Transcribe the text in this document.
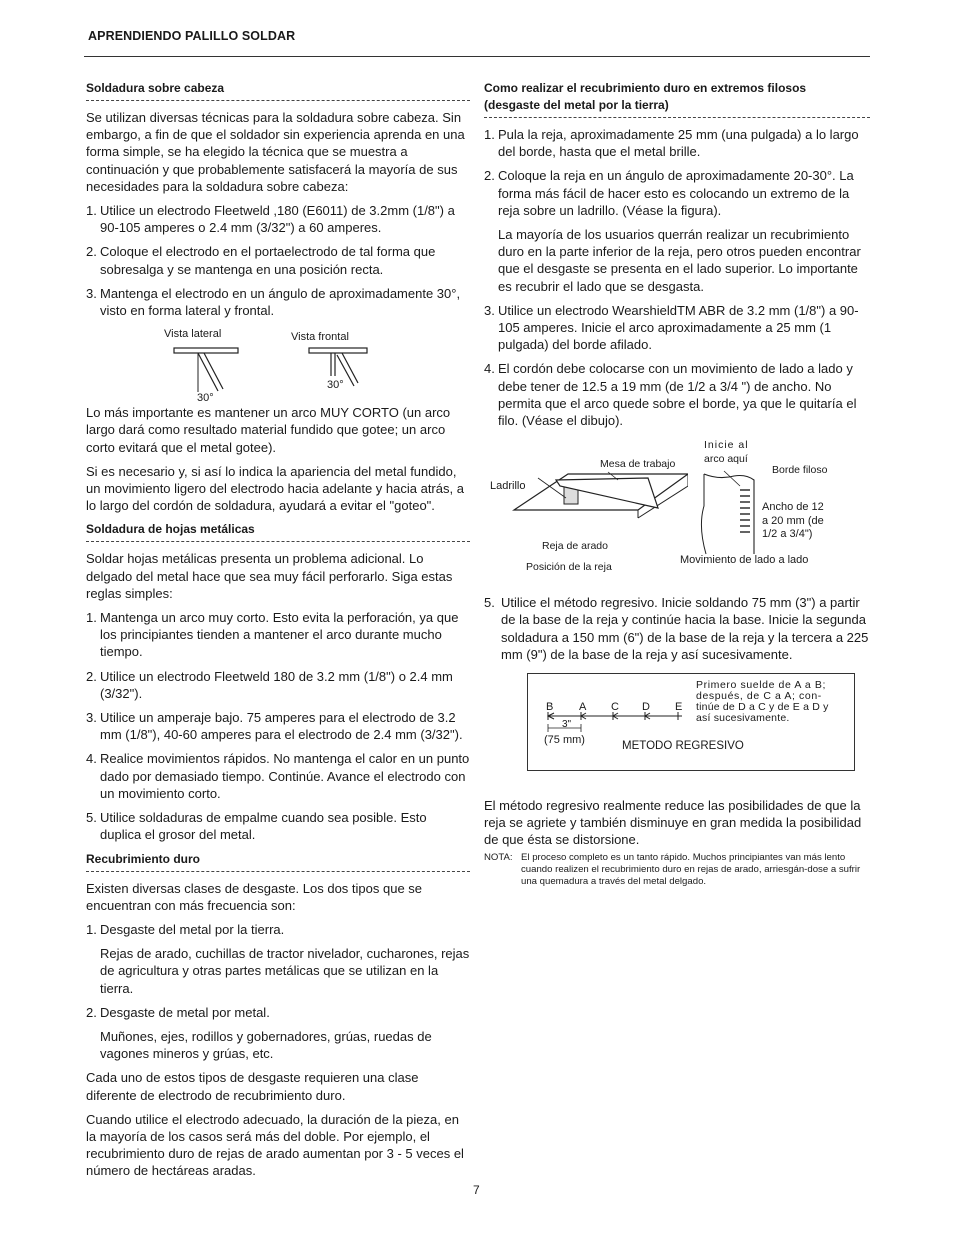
APRENDIENDO PALILLO SOLDAR
Soldadura sobre cabeza

Se utilizan diversas técnicas para la soldadura sobre cabeza. Sin embargo, a fin de que el soldador sin experiencia aprenda en una forma simple, se ha elegido la técnica que se muestra a continuación y que probablemente satisfacerá la mayoría de sus necesidades para la soldadura sobre cabeza:

1. Utilice un electrodo Fleetweld ,180 (E6011) de 3.2mm (1/8") a 90-105 amperes o 2.4 mm (3/32") a 60 amperes.
2. Coloque el electrodo en el portaelectrodo de tal forma que sobresalga y se mantenga en una posición recta.
3. Mantenga el electrodo en un ángulo de aproximadamente 30°, visto en forma lateral y frontal.
Vista lateral	Vista frontal
30°
30°

Lo más importante es mantener un arco MUY CORTO (un arco largo dará como resultado material fundido que gotee; un arco corto evitará que el metal gotee).

Si es necesario y, si así lo indica la apariencia del metal fundido, un movimiento ligero del electrodo hacia adelante y hacia atrás, a lo largo del cordón de soldadura, ayudará a evitar el "goteo".

Soldadura de hojas metálicas

Soldar hojas metálicas presenta un problema adicional. Lo delgado del metal hace que sea muy fácil perforarlo. Siga estas reglas simples:

1. Mantenga un arco muy corto. Esto evita la perforación, ya que los principiantes tienden a mantener el arco durante mucho tiempo.
2. Utilice un electrodo Fleetweld 180 de 3.2 mm (1/8") o 2.4 mm (3/32").
3. Utilice un amperaje bajo. 75 amperes para el electrodo de 3.2 mm (1/8"), 40-60 amperes para el electrodo de 2.4 mm (3/32").
4. Realice movimientos rápidos. No mantenga el calor en un punto dado por demasiado tiempo. Continúe. Avance el electrodo con un movimiento corto.
5. Utilice soldaduras de empalme cuando sea posible. Esto duplica el grosor del metal.
Recubrimiento duro

Existen diversas clases de desgaste. Los dos tipos que se encuentran con más frecuencia son:

1. Desgaste del metal por la tierra.
Rejas de arado, cuchillas de tractor nivelador, cucharones, rejas de agricultura y otras partes metálicas que se utilizan en la tierra.
2. Desgaste de metal por metal.
Muñones, ejes, rodillos y gobernadores, grúas, ruedas de vagones mineros y grúas, etc.

Cada uno de estos tipos de desgaste requieren una clase diferente de electrodo de recubrimiento duro.

Cuando utilice el electrodo adecuado, la duración de la pieza, en la mayoría de los casos será más del doble. Por ejemplo, el recubrimiento duro de rejas de arado aumentan por 3 - 5 veces el número de hectáreas aradas.

Como realizar el recubrimiento duro en extremos filosos
(desgaste del metal por la tierra)
1. Pula la reja, aproximadamente 25 mm (una pulgada) a lo largo del borde, hasta que el metal brille.
2. Coloque la reja en un ángulo de aproximadamente 20-30°. La forma más fácil de hacer esto es colocando un extremo de la reja sobre un ladrillo. (Véase la figura).
La mayoría de los usuarios querrán realizar un recubrimiento duro en la parte inferior de la reja, pero otros pueden encontrar que el desgaste se presenta en el lado superior. Lo importante es recubrir el lado que se desgasta.
3. Utilice un electrodo WearshieldTM ABR de 3.2 mm (1/8") a 90-105 amperes. Inicie el arco aproximadamente a 25 mm (1 pulgada) del borde afilado.
4. El cordón debe colocarse con un movimiento de lado a lado y debe tener de 12.5 a 19 mm (de 1/2 a 3/4 ") de ancho. No permita que el arco quede sobre el borde, ya que le quitaría el filo. (Véase el dibujo).
Ladrillo
Mesa de trabajo
Reja de arado
Posición de la reja
Inicie al
arco aquí
Borde filoso
Ancho de 12
a 20 mm (de
1/2 a 3/4")
Movimiento de lado a lado
5. Utilice el método regresivo. Inicie soldando 75 mm (3") a partir de la base de la reja y continúe hacia la base. Inicie la segunda soldadura a 150 mm (6") de la base de la reja y la tercera a 225 mm (9") de la base de la reja y así sucesivamente.
Primero suelde de A a B;
después, de C a A; con-
tinúe de D a C y de E a D y
así sucesivamente.
B A C D E
3"
(75 mm)	METODO REGRESIVO

El método regresivo realmente reduce las posibilidades de que la reja se agriete y también disminuye en gran medida la posibilidad de que ésta se distorsione.

NOTA: El proceso completo es un tanto rápido. Muchos principiantes van más lento cuando realizen el recubrimiento duro en rejas de arado, arriesgán-dose a sufrir una quemadura a través del metal delgado.
7
